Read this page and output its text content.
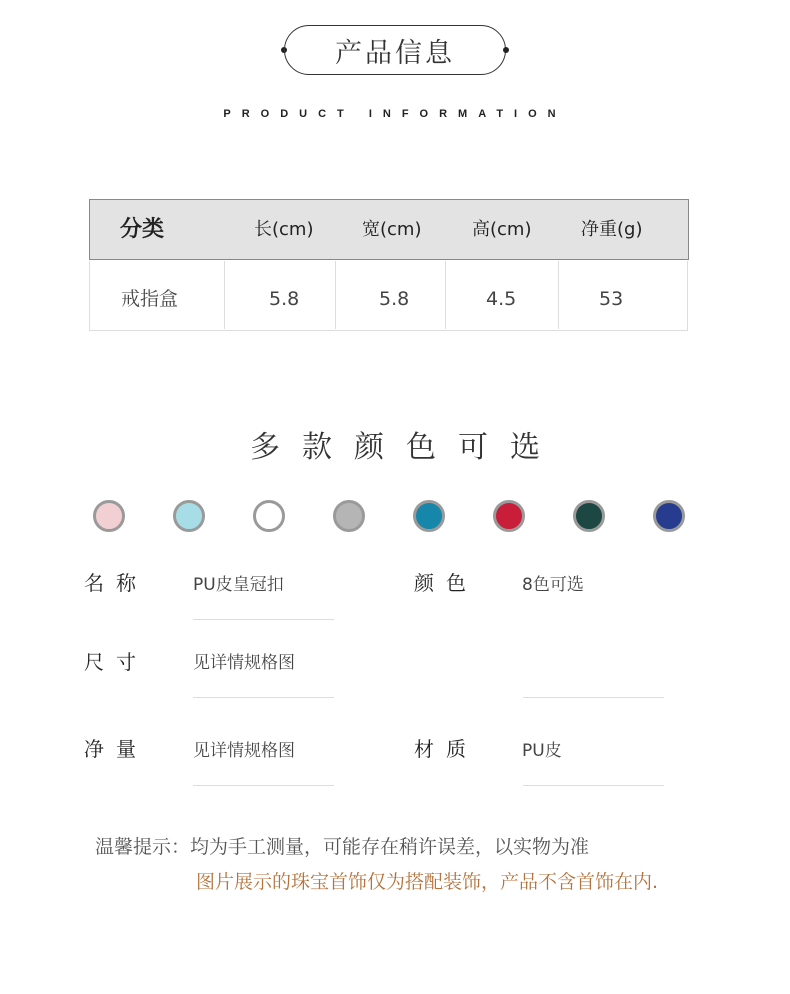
产品信息
PRODUCT INFORMATION
分类	长(cm)	宽(cm)	高(cm)	净重(g)
戒指盒	5.8	5.8	4.5	53
多款颜色可选
名称	PU皮皇冠扣	颜色	8色可选
尺寸	见详情规格图
净量	见详情规格图	材质	PU皮
温馨提示：均为手工测量，可能存在稍许误差，以实物为准
图片展示的珠宝首饰仅为搭配装饰，产品不含首饰在内.
